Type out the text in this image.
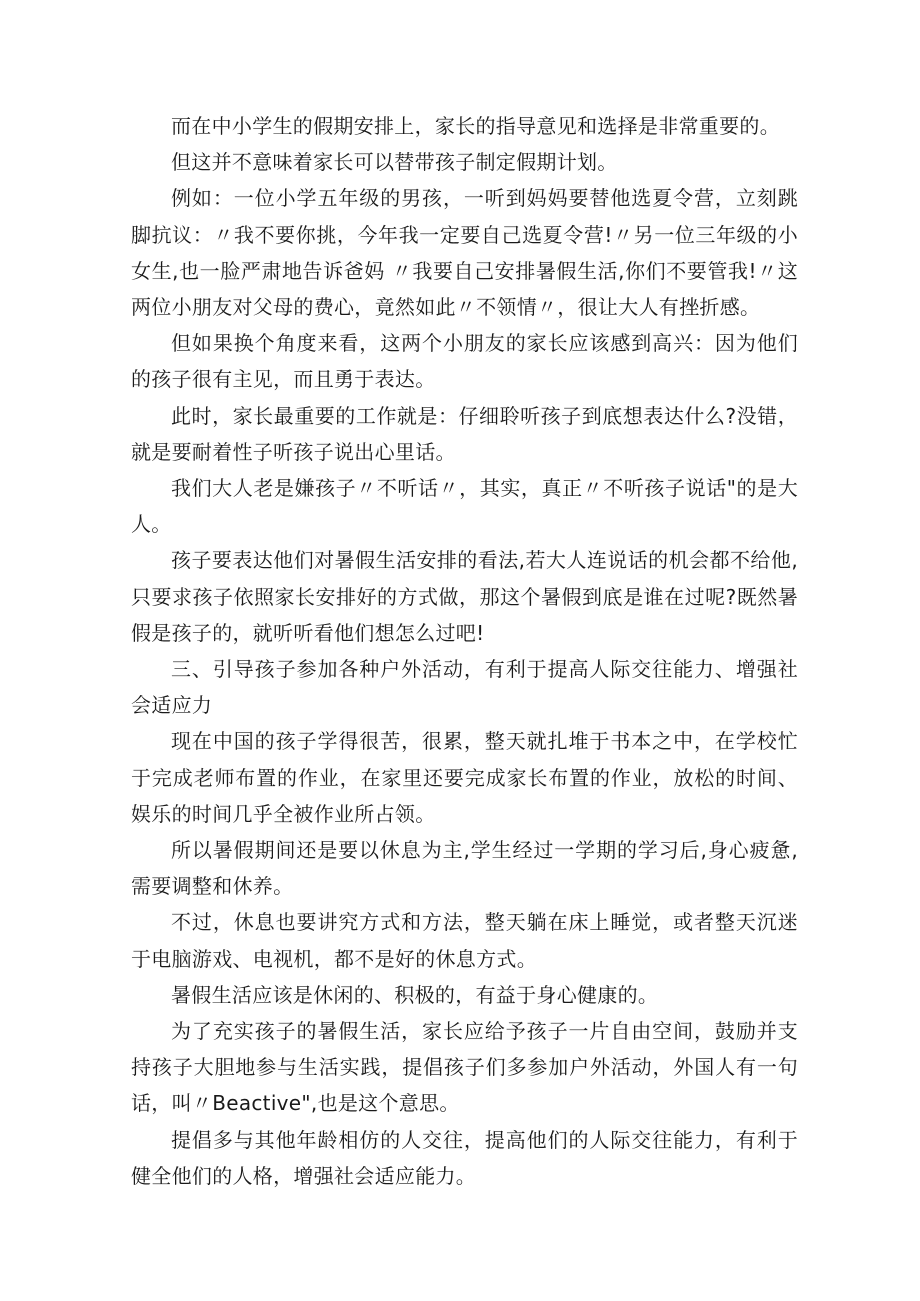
而在中小学生的假期安排上，家长的指导意见和选择是非常重要的。

但这并不意味着家长可以替带孩子制定假期计划。

例如：一位小学五年级的男孩，一听到妈妈要替他选夏令营，立刻跳脚抗议：〃我不要你挑，今年我一定要自己选夏令营!〃另一位三年级的小女生,也一脸严肃地告诉爸妈 〃我要自己安排暑假生活,你们不要管我!〃这两位小朋友对父母的费心，竟然如此〃不领情〃，很让大人有挫折感。

但如果换个角度来看，这两个小朋友的家长应该感到高兴：因为他们的孩子很有主见，而且勇于表达。

此时，家长最重要的工作就是：仔细聆听孩子到底想表达什么?没错，就是要耐着性子听孩子说出心里话。

我们大人老是嫌孩子〃不听话〃，其实，真正〃不听孩子说话"的是大人。

孩子要表达他们对暑假生活安排的看法,若大人连说话的机会都不给他,只要求孩子依照家长安排好的方式做，那这个暑假到底是谁在过呢?既然暑假是孩子的，就听听看他们想怎么过吧!

三、引导孩子参加各种户外活动，有利于提高人际交往能力、增强社会适应力

现在中国的孩子学得很苦，很累，整天就扎堆于书本之中，在学校忙于完成老师布置的作业，在家里还要完成家长布置的作业，放松的时间、娱乐的时间几乎全被作业所占领。

所以暑假期间还是要以休息为主,学生经过一学期的学习后,身心疲惫,需要调整和休养。

不过，休息也要讲究方式和方法，整天躺在床上睡觉，或者整天沉迷于电脑游戏、电视机，都不是好的休息方式。

暑假生活应该是休闲的、积极的，有益于身心健康的。

为了充实孩子的暑假生活，家长应给予孩子一片自由空间，鼓励并支持孩子大胆地参与生活实践，提倡孩子们多参加户外活动，外国人有一句话，叫〃Beactive",也是这个意思。

提倡多与其他年龄相仿的人交往，提高他们的人际交往能力，有利于健全他们的人格，增强社会适应能力。
